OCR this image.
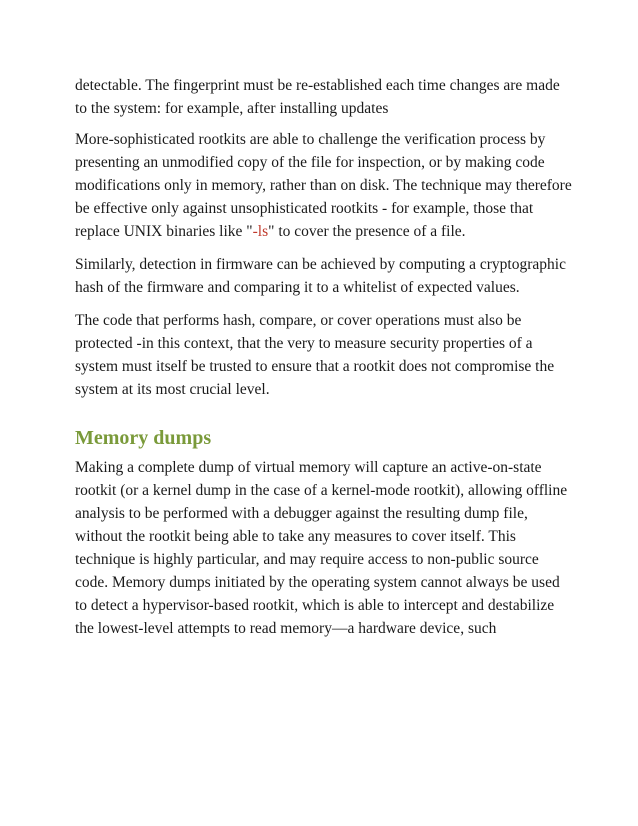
detectable. The fingerprint must be re-established each time changes are made to the system: for example, after installing updates

More-sophisticated rootkits are able to challenge the verification process by presenting an unmodified copy of the file for inspection, or by making code modifications only in memory, rather than on disk. The technique may therefore be effective only against unsophisticated rootkits - for example, those that replace UNIX binaries like "-ls" to cover the presence of a file.

Similarly, detection in firmware can be achieved by computing a cryptographic hash of the firmware and comparing it to a whitelist of expected values.

The code that performs hash, compare, or cover operations must also be protected -in this context, that the very to measure security properties of a system must itself be trusted to ensure that a rootkit does not compromise the system at its most crucial level.

Memory dumps

Making a complete dump of virtual memory will capture an active-on-state rootkit (or a kernel dump in the case of a kernel-mode rootkit), allowing offline analysis to be performed with a debugger against the resulting dump file, without the rootkit being able to take any measures to cover itself. This technique is highly particular, and may require access to non-public source code. Memory dumps initiated by the operating system cannot always be used to detect a hypervisor-based rootkit, which is able to intercept and destabilize the lowest-level attempts to read memory—a hardware device, such
